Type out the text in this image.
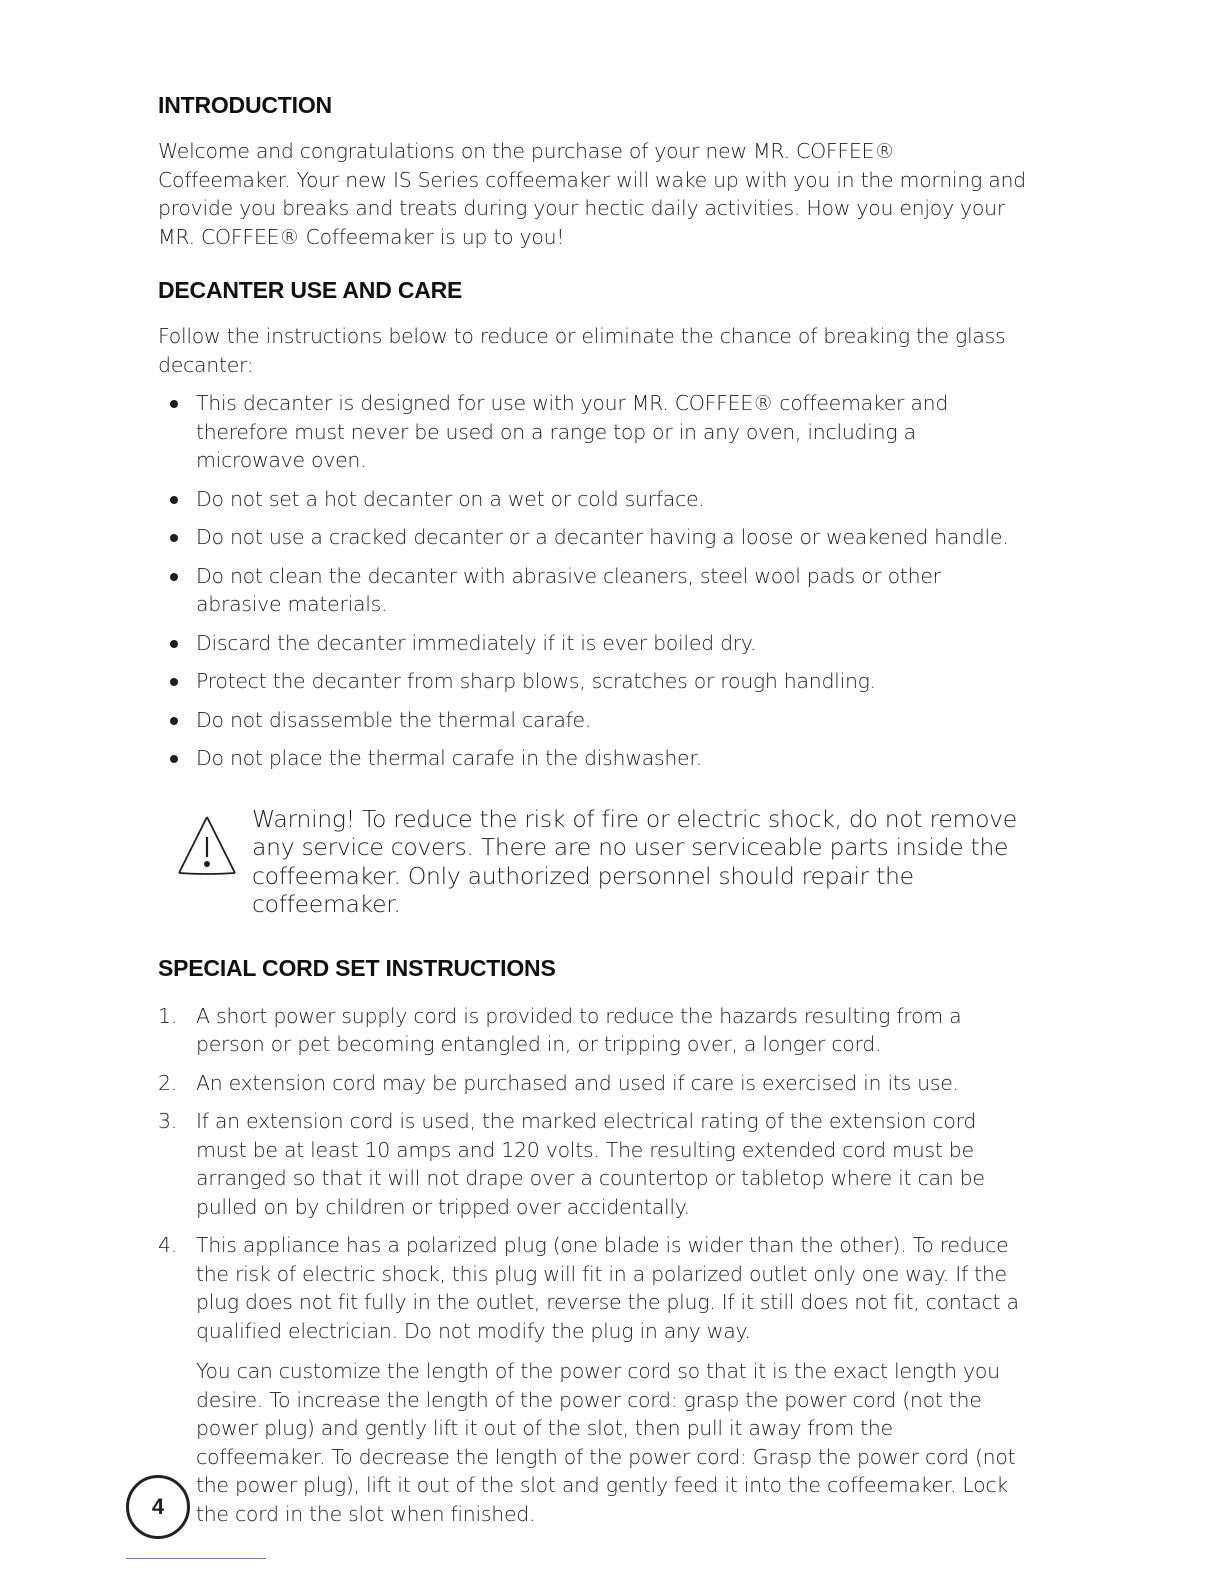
INTRODUCTION

Welcome and congratulations on the purchase of your new MR. COFFEE® Coffeemaker. Your new IS Series coffeemaker will wake up with you in the morning and provide you breaks and treats during your hectic daily activities. How you enjoy your MR. COFFEE® Coffeemaker is up to you!

DECANTER USE AND CARE

Follow the instructions below to reduce or eliminate the chance of breaking the glass decanter:

This decanter is designed for use with your MR. COFFEE® coffeemaker and therefore must never be used on a range top or in any oven, including a microwave oven.
Do not set a hot decanter on a wet or cold surface.
Do not use a cracked decanter or a decanter having a loose or weakened handle.
Do not clean the decanter with abrasive cleaners, steel wool pads or other abrasive materials.
Discard the decanter immediately if it is ever boiled dry.
Protect the decanter from sharp blows, scratches or rough handling.
Do not disassemble the thermal carafe.
Do not place the thermal carafe in the dishwasher.

Warning! To reduce the risk of fire or electric shock, do not remove any service covers. There are no user serviceable parts inside the coffeemaker. Only authorized personnel should repair the coffeemaker.

SPECIAL CORD SET INSTRUCTIONS
1. A short power supply cord is provided to reduce the hazards resulting from a person or pet becoming entangled in, or tripping over, a longer cord.
2. An extension cord may be purchased and used if care is exercised in its use.
3. If an extension cord is used, the marked electrical rating of the extension cord must be at least 10 amps and 120 volts. The resulting extended cord must be arranged so that it will not drape over a countertop or tabletop where it can be pulled on by children or tripped over accidentally.
4. This appliance has a polarized plug (one blade is wider than the other). To reduce the risk of electric shock, this plug will fit in a polarized outlet only one way. If the plug does not fit fully in the outlet, reverse the plug. If it still does not fit, contact a qualified electrician. Do not modify the plug in any way.

You can customize the length of the power cord so that it is the exact length you desire. To increase the length of the power cord: grasp the power cord (not the power plug) and gently lift it out of the slot, then pull it away from the coffeemaker. To decrease the length of the power cord: Grasp the power cord (not the power plug), lift it out of the slot and gently feed it into the coffeemaker. Lock the cord in the slot when finished.

4
